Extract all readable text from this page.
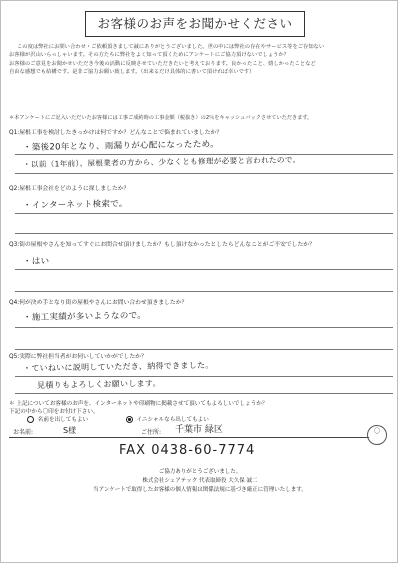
お客様のお声をお聞かせください

この度は弊社にお問い合わせ・ご依頼頂きまして誠にありがとうございました。世の中には弊社の存在やサービス等をご存知ない

お客様が沢山いらっしゃいます。その方たちに弊社をよく知って頂くためにアンケートにご協力頂けないでしょうか？

お客様のご意見をお聞かせいただき今後の活動に反映させていただきたいと考えております。良かったこと、嬉しかったことなど

自由な感想でも結構です。是非ご協力お願い致します。（出来るだけ具体的に書いて頂ければ幸いです）

＊本アンケートにご記入いただいたお客様には工事ご成約時の工事金額（税抜き）の2％をキャッシュバックさせていただきます。
Q1:屋根工事を検討したきっかけは何ですか？どんなことで悩まれていましたか？
・築後20年となり、雨漏りが心配になったため。
・以前（1年前）、屋根業者の方から、少なくとも修理が必要と言われたので。
Q2:屋根工事会社をどのように探しましたか？
・インターネット検索で。
Q3:街の屋根やさんを知ってすぐにお問合せ頂けましたか？もし頂けなかったとしたらどんなことがご不安でしたか？
・はい
Q4:何が決め手となり街の屋根やさんにお問い合わせ頂きましたか？
・施工実績が多いようなので。
Q5:実際に弊社担当者がお伺いしていかがでしたか？
・ていねいに説明していただき、納得できました。
見積りもよろしくお願いします。
＊ 上記についてお客様のお声を、インターネットや印刷物に掲載させて頂いてもよろしいでしょうか？
下記の中から〇印をお付け下さい。
名前を出してもよい	イニシャルなら出してもよい
お名前:	S様	ご住所: 千葉市 緑区	〇
FAX 0438-60-7774
ご協力ありがとうございました。
株式会社シェアテック 代表取締役 大久保 誠二
当アンケートで取得したお客様の個人情報は関係法規に基づき厳正に管理いたします。
